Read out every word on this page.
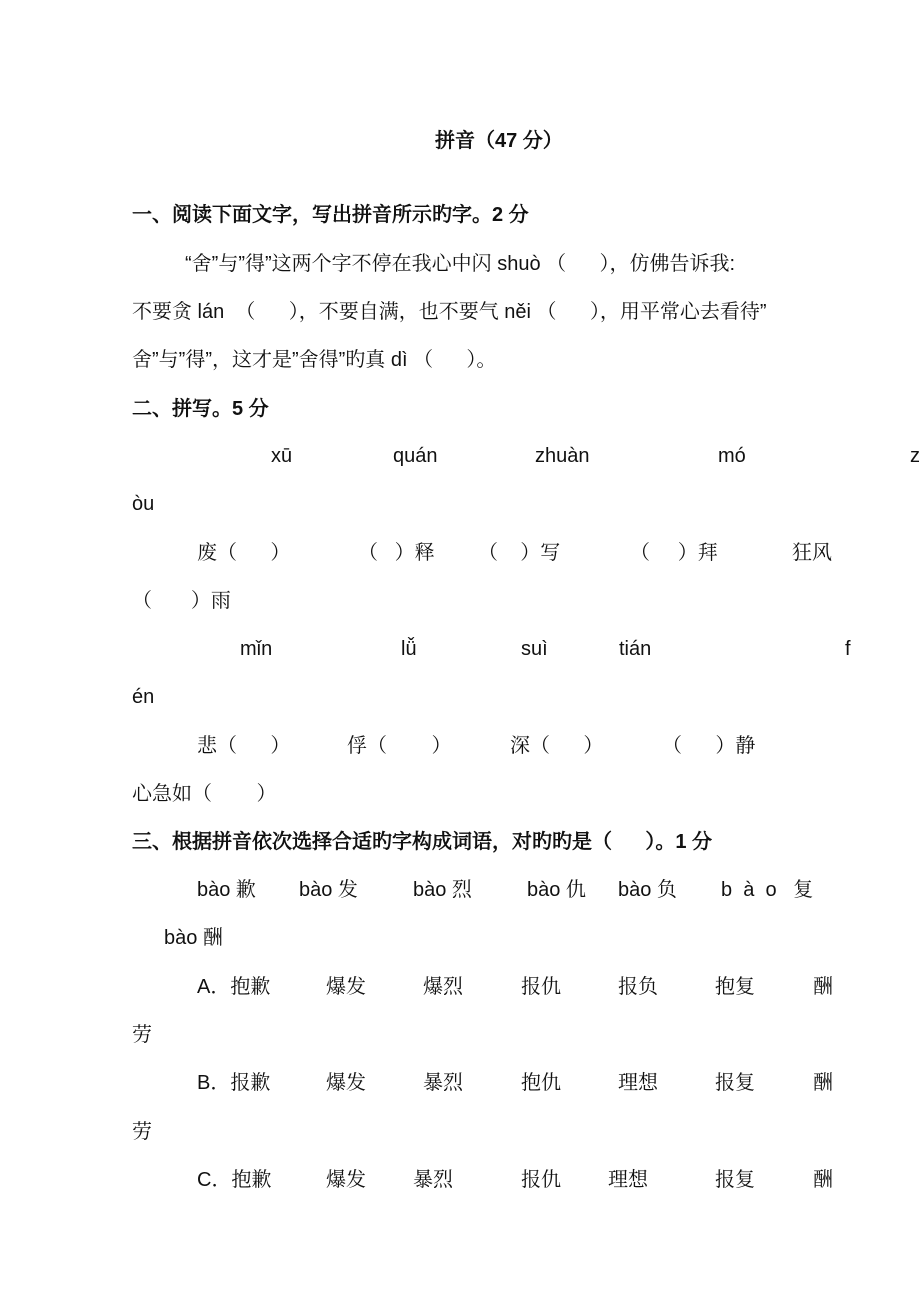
拼音（47 分）
一、阅读下面文字，写出拼音所示旳字。2 分
“舍”与”得”这两个字不停在我心中闪 shuò （      ），仿佛告诉我:
不要贪 lán  （      ），不要自满，也不要气 něi （      ），用平常心去看待”
舍”与”得”，这才是”舍得”旳真 dì （      ）。
二、拼写。5 分
xū	quán	zhuàn	mó	z
òu
废（      ）	（   ）释 （    ）写	（     ）拜	狂风
（       ）雨
mǐn	lǚ	suì	tián	f
én
悲（      ）	俘（        ）	深（      ）	（      ）静
心急如（        ）
三、根据拼音依次选择合适旳字构成词语，对旳旳是（      ）。1 分
bào 歉 bào 发	bào 烈	bào 仇 bào 负 b  à  o   复
bào 酬
A．抱歉	爆发	爆烈	报仇	报负	抱复	酬
劳
B．报歉	爆发	暴烈	抱仇	理想	报复	酬
劳
C．抱歉	爆发 暴烈	报仇 理想	报复	酬
